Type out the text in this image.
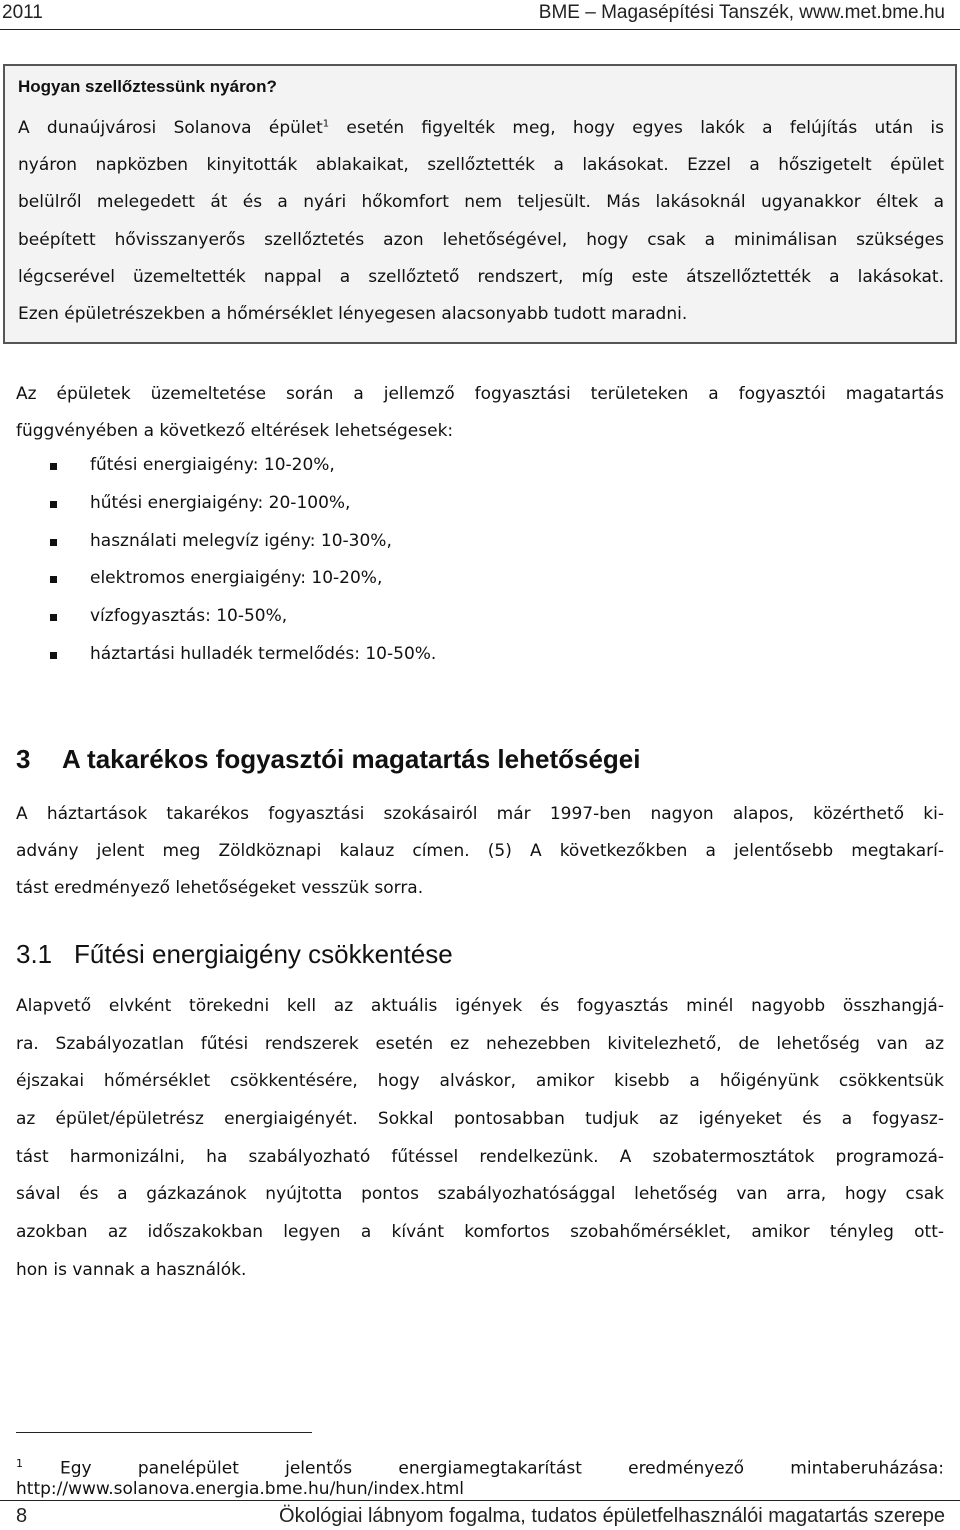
2011	BME – Magasépítési Tanszék, www.met.bme.hu
Hogyan szellőztessünk nyáron?
A dunaújvárosi Solanova épület$^1$ esetén figyelték meg, hogy egyes lakók a felújítás után is
nyáron napközben kinyitották ablakaikat, szellőztették a lakásokat. Ezzel a hőszigetelt épület
belülről melegedett át és a nyári hőkomfort nem teljesült. Más lakásoknál ugyanakkor éltek a
beépített hővisszanyerős szellőztetés azon lehetőségével, hogy csak a minimálisan szükséges
légcserével üzemeltették nappal a szellőztető rendszert, míg este átszellőztették a lakásokat.
Ezen épületrészekben a hőmérséklet lényegesen alacsonyabb tudott maradni.
Az épületek üzemeltetése során a jellemző fogyasztási területeken a fogyasztói magatartás
függvényében a következő eltérések lehetségesek:
fűtési energiaigény: 10-20%,
hűtési energiaigény: 20-100%,
használati melegvíz igény: 10-30%,
elektromos energiaigény: 10-20%,
vízfogyasztás: 10-50%,
háztartási hulladék termelődés: 10-50%.
3 A takarékos fogyasztói magatartás lehetőségei
A háztartások takarékos fogyasztási szokásairól már 1997-ben nagyon alapos, közérthető ki-
advány jelent meg Zöldköznapi kalauz címen. (5) A következőkben a jelentősebb megtakarí-
tást eredményező lehetőségeket vesszük sorra.
3.1 Fűtési energiaigény csökkentése
Alapvető elvként törekedni kell az aktuális igények és fogyasztás minél nagyobb összhangjá-
ra. Szabályozatlan fűtési rendszerek esetén ez nehezebben kivitelezhető, de lehetőség van az
éjszakai hőmérséklet csökkentésére, hogy alváskor, amikor kisebb a hőigényünk csökkentsük
az épület/épületrész energiaigényét. Sokkal pontosabban tudjuk az igényeket és a fogyasz-
tást harmonizálni, ha szabályozható fűtéssel rendelkezünk. A szobatermosztátok programozá-
sával és a gázkazánok nyújtotta pontos szabályozhatósággal lehetőség van arra, hogy csak
azokban az időszakokban legyen a kívánt komfortos szobahőmérséklet, amikor tényleg ott-
hon is vannak a használók.
1 Egy panelépület jelentős energiamegtakarítást eredményező mintaberuházása:
http://www.solanova.energia.bme.hu/hun/index.html
8	Ökológiai lábnyom fogalma, tudatos épületfelhasználói magatartás szerepe
